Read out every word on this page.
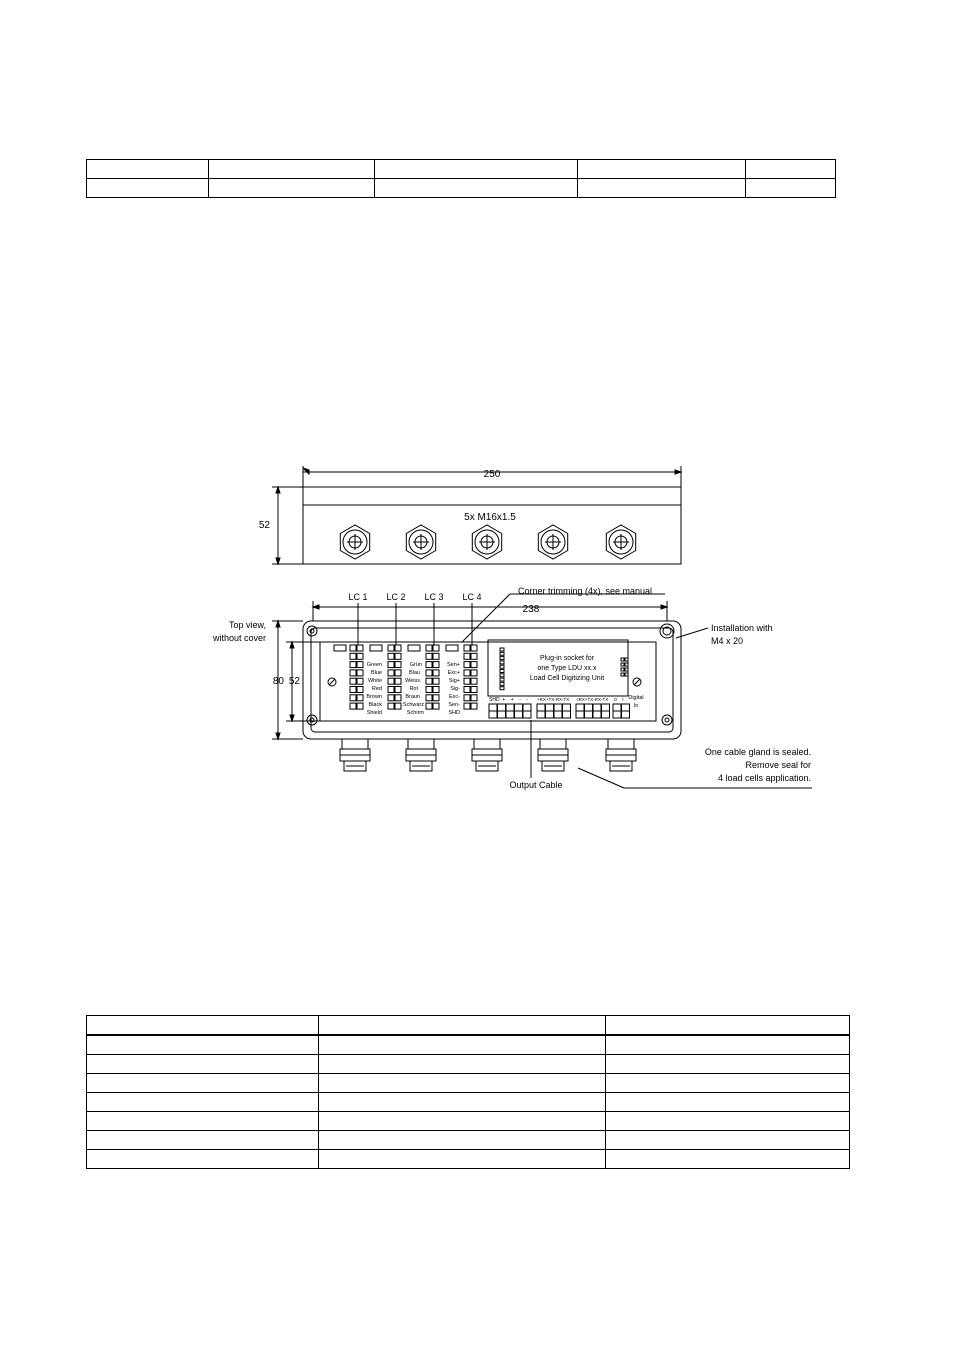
250
52
5x M16x1.5
238
Top view,
without cover
80 52
Corner trimming (4x), see manual
Installation with
M4 x 20
LC 1 LC 2 LC 3 LC 4
Green
Blue
White
Red
Brown
Black
Shield
Grün
Blau
Weiss
Rot
Braun
Schwarz
Schirm
Sen+
Exc+
Sig+
Sig-
Exc-
Sen-
SHD
Plug-in socket for
one Type LDU xx.x
Load Cell Digitizing Unit
SHD  +    +    -    - +RX+TX-RX-TX +RX+TX-RX-TX o    i Digital
In
Output Cable
One cable gland is sealed.
Remove seal for
4 load cells application.
